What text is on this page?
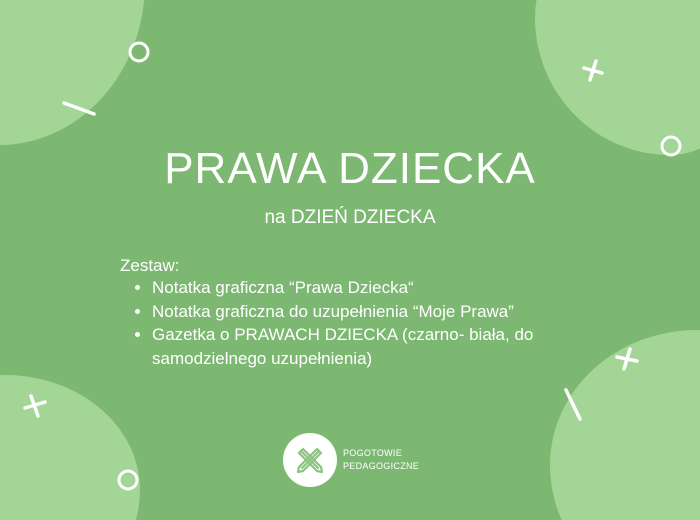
PRAWA DZIECKA
na DZIEŃ DZIECKA
Zestaw:
• Notatka graficzna “Prawa Dziecka“
• Notatka graficzna do uzupełnienia “Moje Prawa”
• Gazetka o PRAWACH DZIECKA (czarno- biała, do samodzielnego uzupełnienia)
POGOTOWIE
PEDAGOGICZNE
